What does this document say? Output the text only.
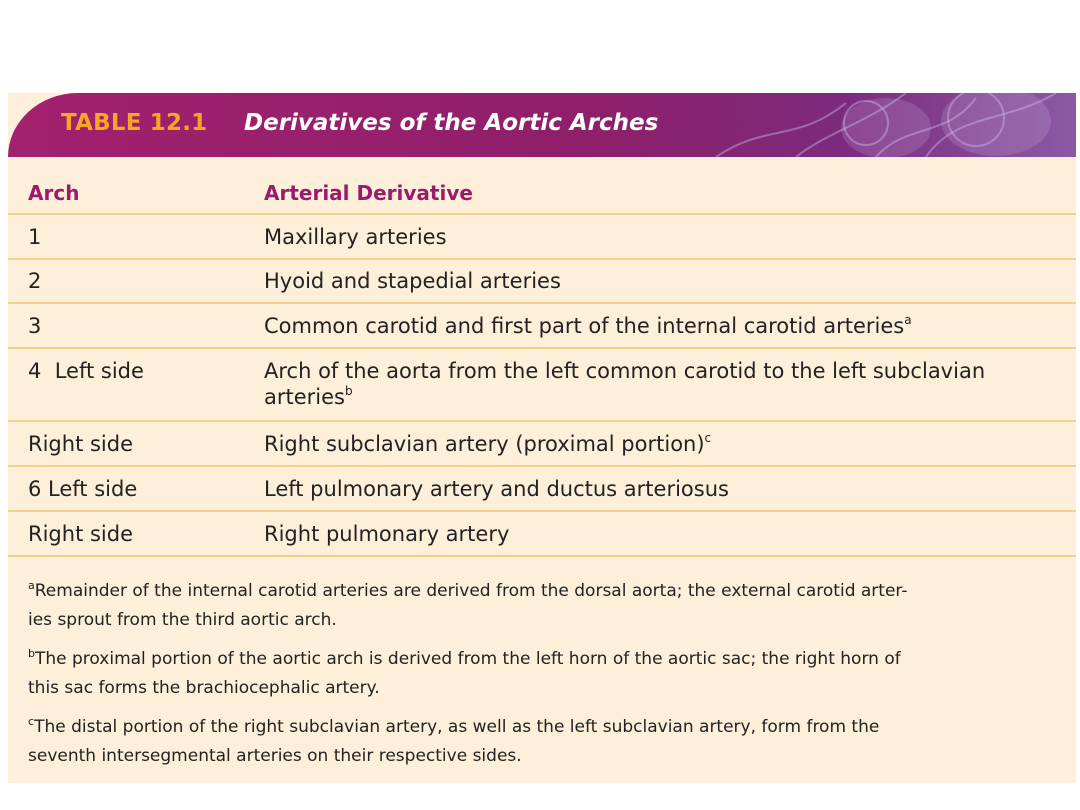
TABLE 12.1 Derivatives of the Aortic Arches
Arch	Arterial Derivative
1	Maxillary arteries
2	Hyoid and stapedial arteries
3	Common carotid and first part of the internal carotid arteries$^a$
4  Left side	Arch of the aorta from the left common carotid to the left subclavian
arteries$^b$
Right side	Right subclavian artery (proximal portion)$^c$
6 Left side	Left pulmonary artery and ductus arteriosus
Right side	Right pulmonary artery
$^a$Remainder of the internal carotid arteries are derived from the dorsal aorta; the external carotid arter-
ies sprout from the third aortic arch.
$^b$The proximal portion of the aortic arch is derived from the left horn of the aortic sac; the right horn of
this sac forms the brachiocephalic artery.
$^c$The distal portion of the right subclavian artery, as well as the left subclavian artery, form from the
seventh intersegmental arteries on their respective sides.
